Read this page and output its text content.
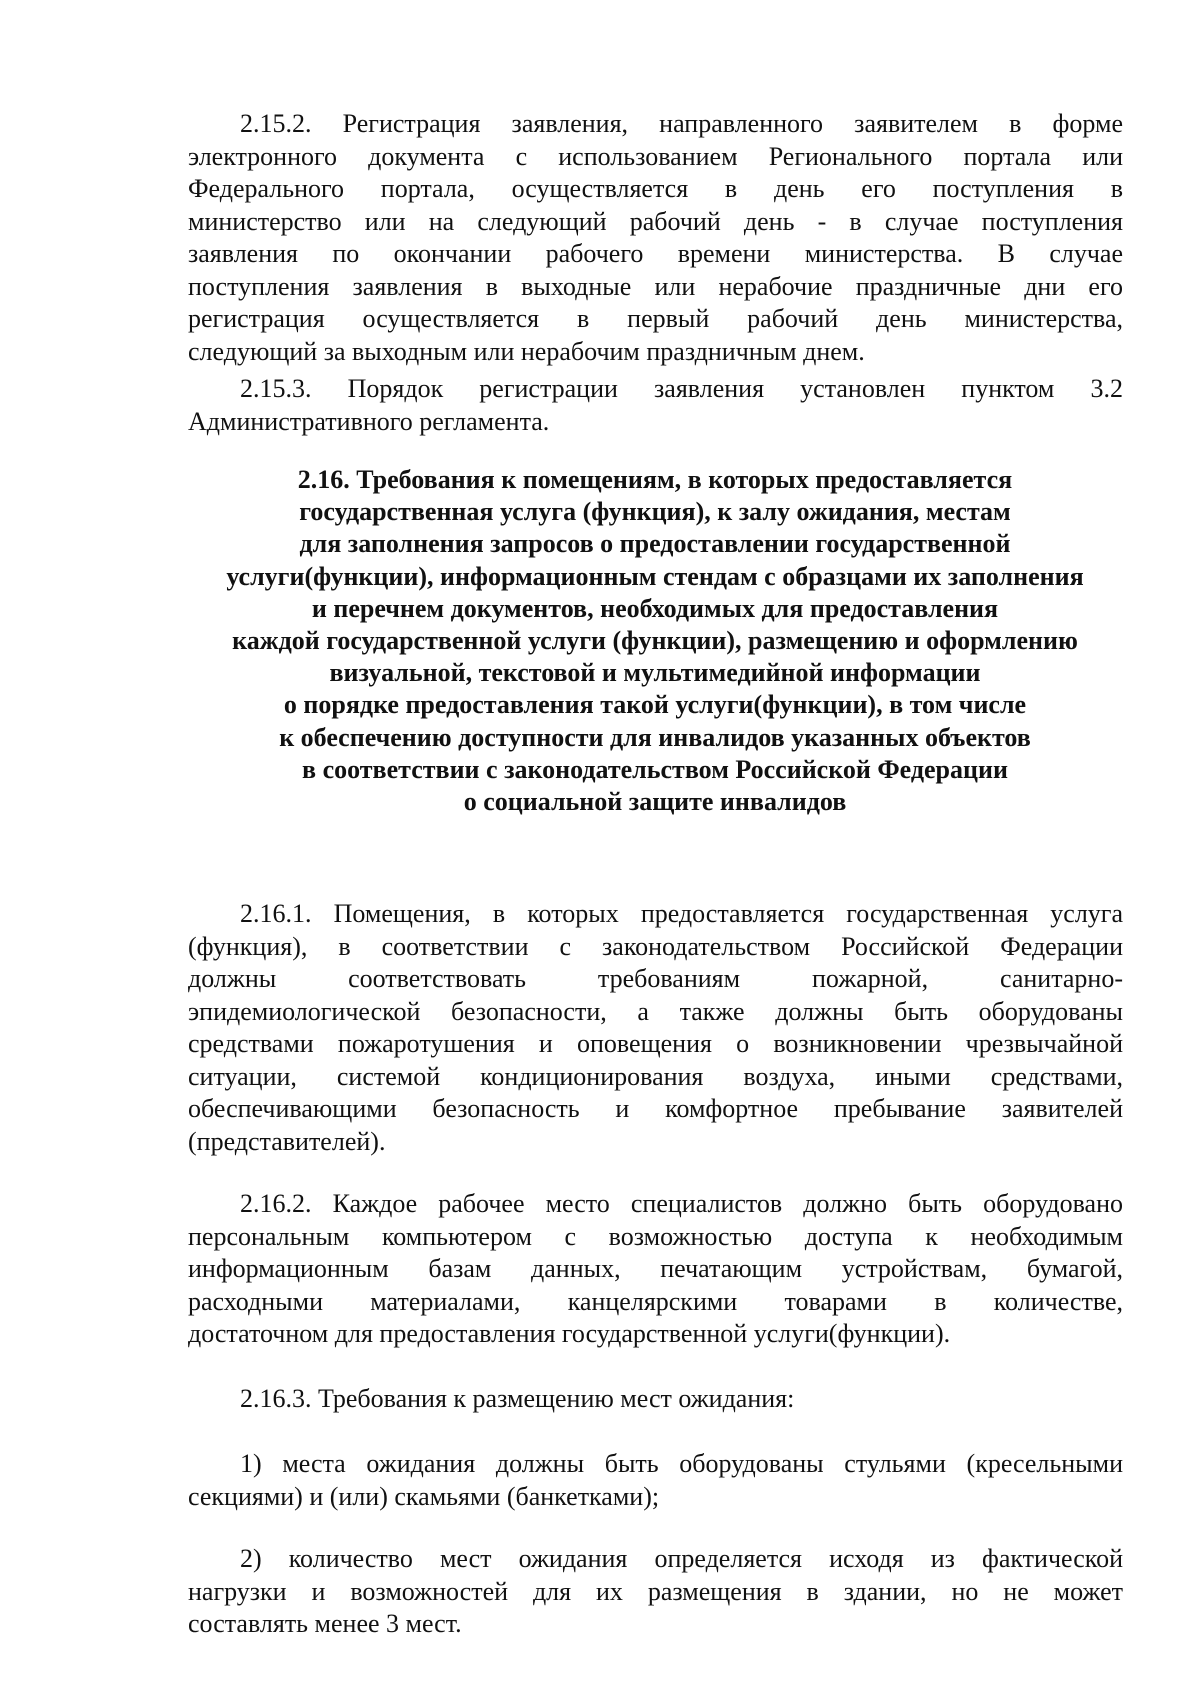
2.15.2. Регистрация заявления, направленного заявителем в форме
электронного документа с использованием Регионального портала или
Федерального портала, осуществляется в день его поступления в
министерство или на следующий рабочий день - в случае поступления
заявления по окончании рабочего времени министерства. В случае
поступления заявления в выходные или нерабочие праздничные дни его
регистрация осуществляется в первый рабочий день министерства,
следующий за выходным или нерабочим праздничным днем.

2.15.3. Порядок регистрации заявления установлен пунктом 3.2
Административного регламента.

2.16. Требования к помещениям, в которых предоставляется
государственная услуга (функция), к залу ожидания, местам
для заполнения запросов о предоставлении государственной
услуги(функции), информационным стендам с образцами их заполнения
и перечнем документов, необходимых для предоставления
каждой государственной услуги (функции), размещению и оформлению
визуальной, текстовой и мультимедийной информации
о порядке предоставления такой услуги(функции), в том числе
к обеспечению доступности для инвалидов указанных объектов
в соответствии с законодательством Российской Федерации
о социальной защите инвалидов

2.16.1. Помещения, в которых предоставляется государственная услуга
(функция), в соответствии с законодательством Российской Федерации
должны соответствовать требованиям пожарной, санитарно-
эпидемиологической безопасности, а также должны быть оборудованы
средствами пожаротушения и оповещения о возникновении чрезвычайной
ситуации, системой кондиционирования воздуха, иными средствами,
обеспечивающими безопасность и комфортное пребывание заявителей
(представителей).

2.16.2. Каждое рабочее место специалистов должно быть оборудовано
персональным компьютером с возможностью доступа к необходимым
информационным базам данных, печатающим устройствам, бумагой,
расходными материалами, канцелярскими товарами в количестве,
достаточном для предоставления государственной услуги(функции).

2.16.3. Требования к размещению мест ожидания:

1) места ожидания должны быть оборудованы стульями (кресельными
секциями) и (или) скамьями (банкетками);

2) количество мест ожидания определяется исходя из фактической
нагрузки и возможностей для их размещения в здании, но не может
составлять менее 3 мест.
